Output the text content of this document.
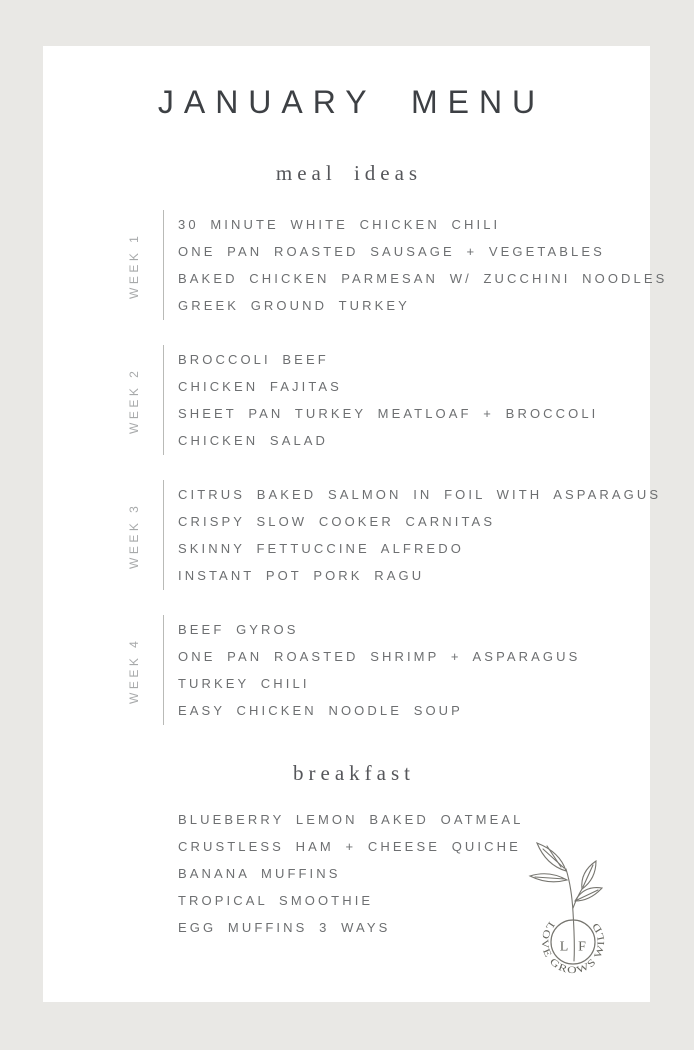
JANUARY MENU
meal ideas
WEEK 1
30 MINUTE WHITE CHICKEN CHILI
ONE PAN ROASTED SAUSAGE + VEGETABLES
BAKED CHICKEN PARMESAN W/ ZUCCHINI NOODLES
GREEK GROUND TURKEY
WEEK 2
BROCCOLI BEEF
CHICKEN FAJITAS
SHEET PAN TURKEY MEATLOAF + BROCCOLI
CHICKEN SALAD
WEEK 3
CITRUS BAKED SALMON IN FOIL WITH ASPARAGUS
CRISPY SLOW COOKER CARNITAS
SKINNY FETTUCCINE ALFREDO
INSTANT POT PORK RAGU
WEEK 4
BEEF GYROS
ONE PAN ROASTED SHRIMP + ASPARAGUS
TURKEY CHILI
EASY CHICKEN NOODLE SOUP
breakfast
BLUEBERRY LEMON BAKED OATMEAL
CRUSTLESS HAM + CHEESE QUICHE
BANANA MUFFINS
TROPICAL SMOOTHIE
EGG MUFFINS 3 WAYS
L F
LOVE GROWS WILD
